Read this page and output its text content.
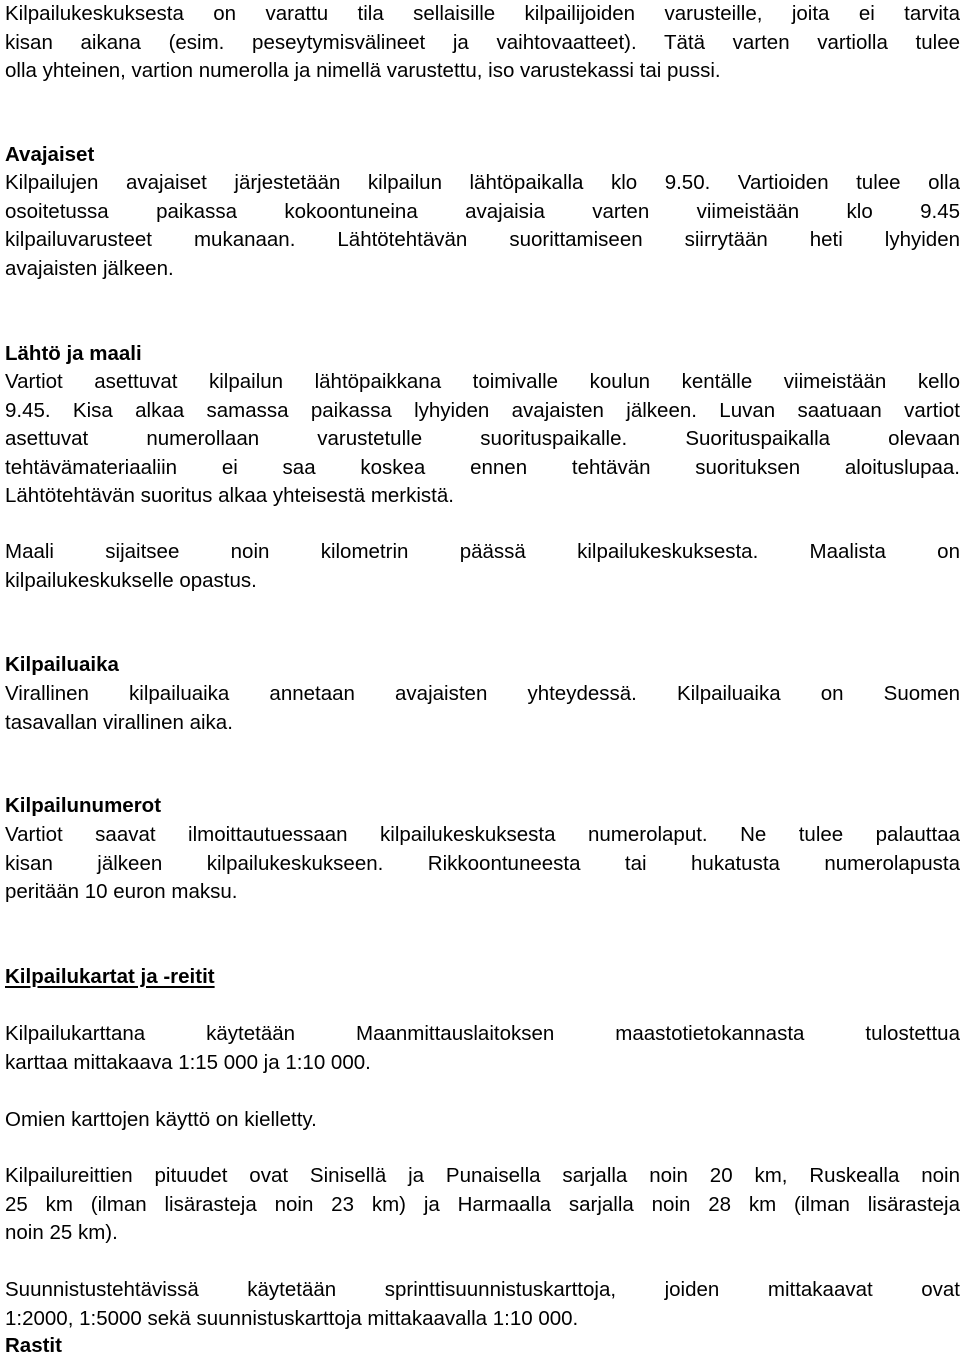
Kilpailukeskuksesta on varattu tila sellaisille kilpailijoiden varusteille, joita ei tarvita
kisan aikana (esim. peseytymisvälineet ja vaihtovaatteet). Tätä varten vartiolla tulee
olla yhteinen, vartion numerolla ja nimellä varustettu, iso varustekassi tai pussi.
Avajaiset
Kilpailujen avajaiset järjestetään kilpailun lähtöpaikalla klo 9.50. Vartioiden tulee olla
osoitetussa paikassa kokoontuneina avajaisia varten viimeistään klo 9.45
kilpailuvarusteet mukanaan. Lähtötehtävän suorittamiseen siirrytään heti lyhyiden
avajaisten jälkeen.
Lähtö ja maali
Vartiot asettuvat kilpailun lähtöpaikkana toimivalle koulun kentälle viimeistään kello
9.45. Kisa alkaa samassa paikassa lyhyiden avajaisten jälkeen. Luvan saatuaan vartiot
asettuvat numerollaan varustetulle suorituspaikalle. Suorituspaikalla olevaan
tehtävämateriaaliin ei saa koskea ennen tehtävän suorituksen aloituslupaa.
Lähtötehtävän suoritus alkaa yhteisestä merkistä.
Maali sijaitsee noin kilometrin päässä kilpailukeskuksesta. Maalista on
kilpailukeskukselle opastus.
Kilpailuaika
Virallinen kilpailuaika annetaan avajaisten yhteydessä. Kilpailuaika on Suomen
tasavallan virallinen aika.
Kilpailunumerot
Vartiot saavat ilmoittautuessaan kilpailukeskuksesta numerolaput. Ne tulee palauttaa
kisan jälkeen kilpailukeskukseen. Rikkoontuneesta tai hukatusta numerolapusta
peritään 10 euron maksu.
Kilpailukartat ja -reitit
Kilpailukarttana käytetään Maanmittauslaitoksen maastotietokannasta tulostettua
karttaa mittakaava 1:15 000 ja 1:10 000.
Omien karttojen käyttö on kielletty.
Kilpailureittien pituudet ovat Sinisellä ja Punaisella sarjalla noin 20 km, Ruskealla noin
25 km (ilman lisärasteja noin 23 km) ja Harmaalla sarjalla noin 28 km (ilman lisärasteja
noin 25 km).
Suunnistustehtävissä käytetään sprinttisuunnistuskarttoja, joiden mittakaavat ovat
1:2000, 1:5000 sekä suunnistuskarttoja mittakaavalla 1:10 000.
Rastit
